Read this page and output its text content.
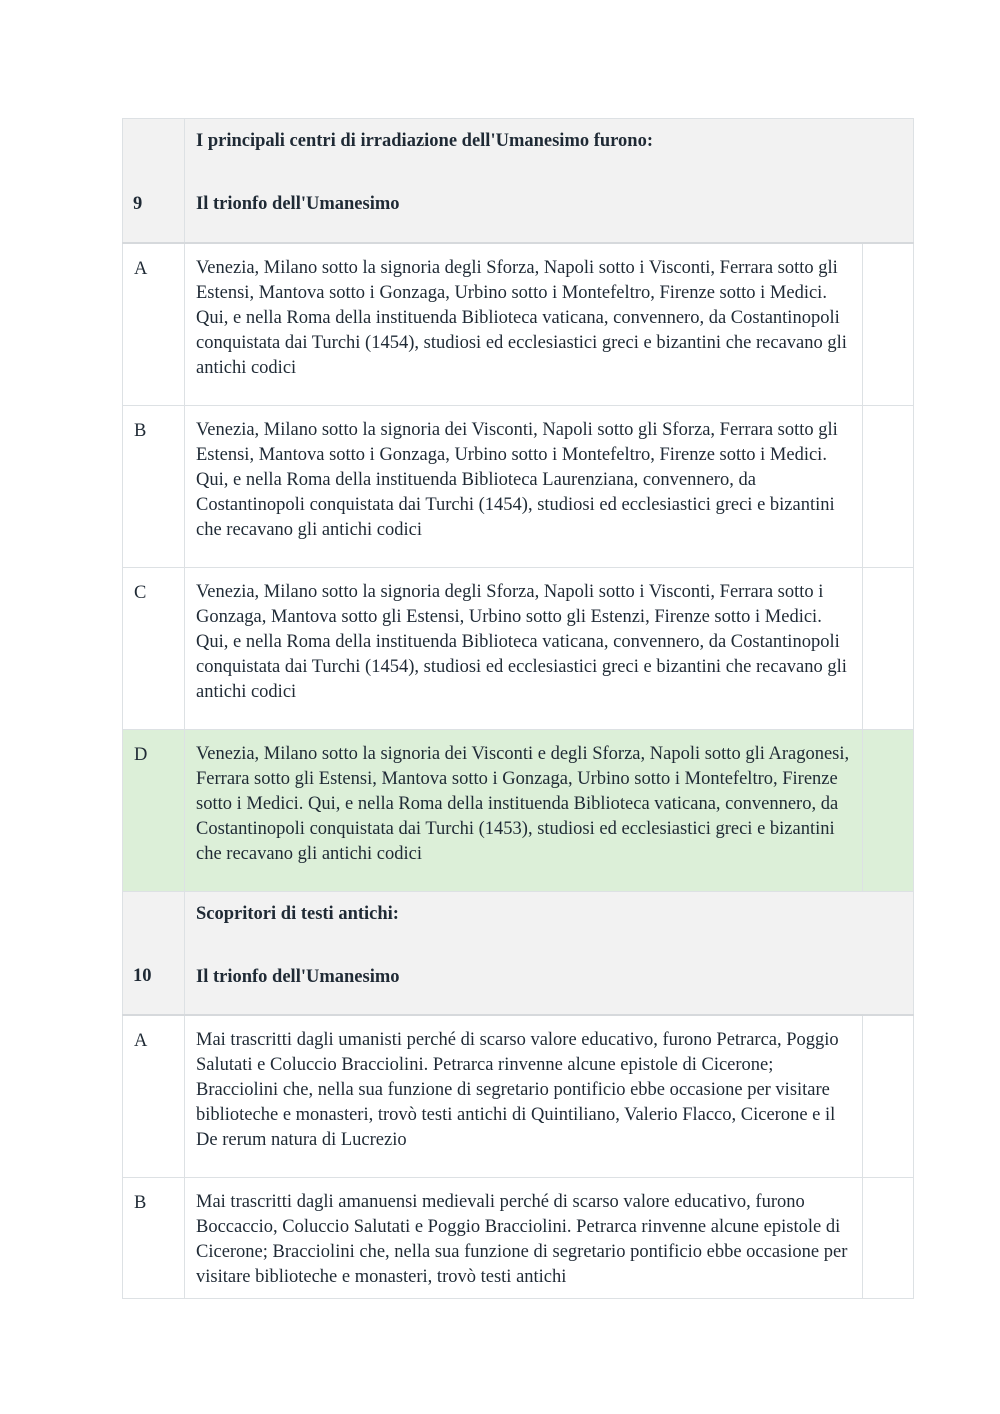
9	I principali centri di irradiazione dell'Umanesimo furono:
Il trionfo dell'Umanesimo	

A	Venezia, Milano sotto la signoria degli Sforza, Napoli sotto i Visconti, Ferrara sotto gli Estensi, Mantova sotto i Gonzaga, Urbino sotto i Montefeltro, Firenze sotto i Medici. Qui, e nella Roma della instituenda Biblioteca vaticana, convennero, da Costantinopoli conquistata dai Turchi (1454), studiosi ed ecclesiastici greci e bizantini che recavano gli antichi codici	
B	Venezia, Milano sotto la signoria dei Visconti, Napoli sotto gli Sforza, Ferrara sotto gli Estensi, Mantova sotto i Gonzaga, Urbino sotto i Montefeltro, Firenze sotto i Medici. Qui, e nella Roma della instituenda Biblioteca Laurenziana, convennero, da Costantinopoli conquistata dai Turchi (1454), studiosi ed ecclesiastici greci e bizantini che recavano gli antichi codici	
C	Venezia, Milano sotto la signoria degli Sforza, Napoli sotto i Visconti, Ferrara sotto i Gonzaga, Mantova sotto gli Estensi, Urbino sotto gli Estenzi, Firenze sotto i Medici. Qui, e nella Roma della instituenda Biblioteca vaticana, convennero, da Costantinopoli conquistata dai Turchi (1454), studiosi ed ecclesiastici greci e bizantini che recavano gli antichi codici	
D	Venezia, Milano sotto la signoria dei Visconti e degli Sforza, Napoli sotto gli Aragonesi, Ferrara sotto gli Estensi, Mantova sotto i Gonzaga, Urbino sotto i Montefeltro, Firenze sotto i Medici. Qui, e nella Roma della instituenda Biblioteca vaticana, convennero, da Costantinopoli conquistata dai Turchi (1453), studiosi ed ecclesiastici greci e bizantini che recavano gli antichi codici	
10	Scopritori di testi antichi:
Il trionfo dell'Umanesimo	

A	Mai trascritti dagli umanisti perché di scarso valore educativo, furono Petrarca, Poggio Salutati e Coluccio Bracciolini. Petrarca rinvenne alcune epistole di Cicerone; Bracciolini che, nella sua funzione di segretario pontificio ebbe occasione per visitare biblioteche e monasteri, trovò testi antichi di Quintiliano, Valerio Flacco, Cicerone e il De rerum natura di Lucrezio	
B	Mai trascritti dagli amanuensi medievali perché di scarso valore educativo, furono Boccaccio, Coluccio Salutati e Poggio Bracciolini. Petrarca rinvenne alcune epistole di Cicerone; Bracciolini che, nella sua funzione di segretario pontificio ebbe occasione per visitare biblioteche e monasteri, trovò testi antichi	
